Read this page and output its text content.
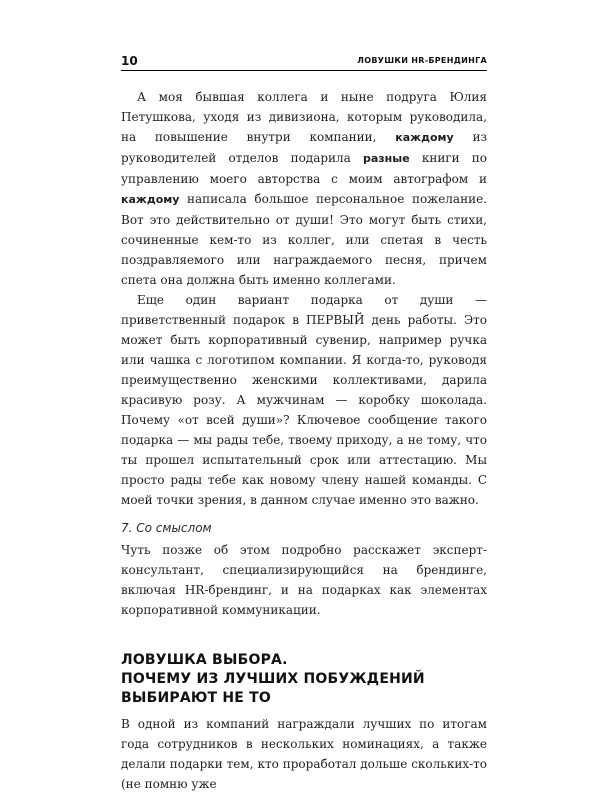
10	ЛОВУШКИ HR-БРЕНДИНГА

А моя бывшая коллега и ныне подруга Юлия Петушкова, уходя из дивизиона, которым руководила, на повышение внутри компании, каждому из руководителей отделов подарила разные книги по управлению моего авторства с моим автографом и каждому написала большое персональное пожелание. Вот это действительно от души! Это могут быть стихи, сочиненные кем-то из коллег, или спетая в честь поздравляемого или награждаемого песня, причем спета она должна быть именно коллегами.

Еще один вариант подарка от души — приветственный подарок в ПЕРВЫЙ день работы. Это может быть корпоративный сувенир, например ручка или чашка с логотипом компании. Я когда-то, руководя преимущественно женскими коллективами, дарила красивую розу. А мужчинам — коробку шоколада. Почему «от всей души»? Ключевое сообщение такого подарка — мы рады тебе, твоему приходу, а не тому, что ты прошел испытательный срок или аттестацию. Мы просто рады тебе как новому члену нашей команды. С моей точки зрения, в данном случае именно это важно.

7. Со смыслом

Чуть позже об этом подробно расскажет эксперт-консультант, специализирующийся на брендинге, включая HR-брендинг, и на подарках как элементах корпоративной коммуникации.

ЛОВУШКА ВЫБОРА.
ПОЧЕМУ ИЗ ЛУЧШИХ ПОБУЖДЕНИЙ
ВЫБИРАЮТ НЕ ТО

В одной из компаний награждали лучших по итогам года сотрудников в нескольких номинациях, а также делали подарки тем, кто проработал дольше скольких-то (не помню уже
